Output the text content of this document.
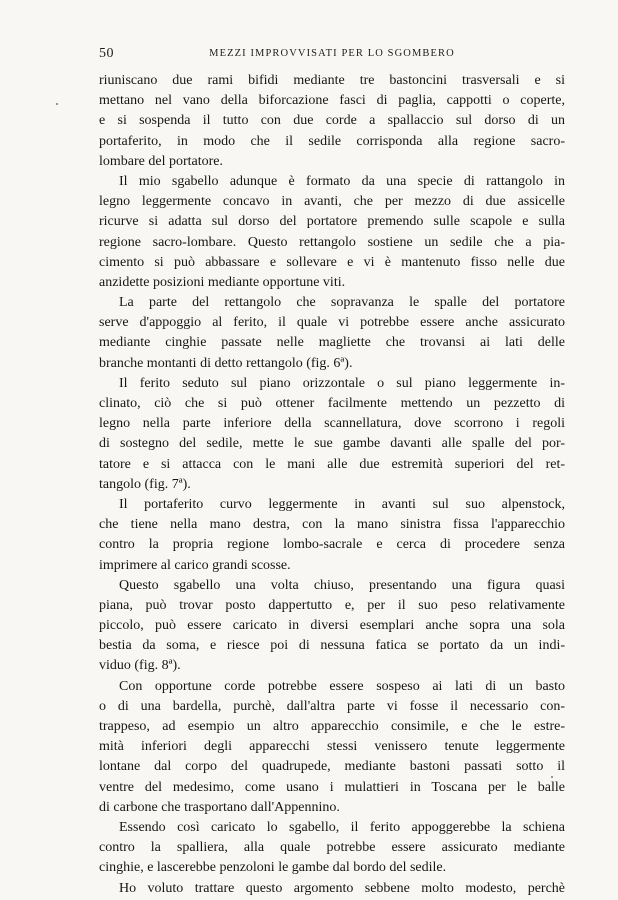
50	MEZZI IMPROVVISATI PER LO SGOMBERO
riuniscano due rami bifidi mediante tre bastoncini trasversali e si
mettano nel vano della biforcazione fasci di paglia, cappotti o coperte,
e si sospenda il tutto con due corde a spallaccio sul dorso di un
portaferito, in modo che il sedile corrisponda alla regione sacro-
lombare del portatore.
Il mio sgabello adunque è formato da una specie di rattangolo in
legno leggermente concavo in avanti, che per mezzo di due assicelle
ricurve si adatta sul dorso del portatore premendo sulle scapole e sulla
regione sacro-lombare. Questo rettangolo sostiene un sedile che a pia-
cimento si può abbassare e sollevare e vi è mantenuto fisso nelle due
anzidette posizioni mediante opportune viti.
La parte del rettangolo che sopravanza le spalle del portatore
serve d'appoggio al ferito, il quale vi potrebbe essere anche assicurato
mediante cinghie passate nelle magliette che trovansi ai lati delle
branche montanti di detto rettangolo (fig. 6ª).
Il ferito seduto sul piano orizzontale o sul piano leggermente in-
clinato, ciò che si può ottener facilmente mettendo un pezzetto di
legno nella parte inferiore della scannellatura, dove scorrono i regoli
di sostegno del sedile, mette le sue gambe davanti alle spalle del por-
tatore e si attacca con le mani alle due estremità superiori del ret-
tangolo (fig. 7ª).
Il portaferito curvo leggermente in avanti sul suo alpenstock,
che tiene nella mano destra, con la mano sinistra fissa l'apparecchio
contro la propria regione lombo-sacrale e cerca di procedere senza
imprimere al carico grandi scosse.
Questo sgabello una volta chiuso, presentando una figura quasi
piana, può trovar posto dappertutto e, per il suo peso relativamente
piccolo, può essere caricato in diversi esemplari anche sopra una sola
bestia da soma, e riesce poi di nessuna fatica se portato da un indi-
viduo (fig. 8ª).
Con opportune corde potrebbe essere sospeso ai lati di un basto
o di una bardella, purchè, dall'altra parte vi fosse il necessario con-
trappeso, ad esempio un altro apparecchio consimile, e che le estre-
mità inferiori degli apparecchi stessi venissero tenute leggermente
lontane dal corpo del quadrupede, mediante bastoni passati sotto il
ventre del medesimo, come usano i mulattieri in Toscana per le balle
di carbone che trasportano dall'Appennino.
Essendo così caricato lo sgabello, il ferito appoggerebbe la schiena
contro la spalliera, alla quale potrebbe essere assicurato mediante
cinghie, e lascerebbe penzoloni le gambe dal bordo del sedile.
Ho voluto trattare questo argomento sebbene molto modesto, perchè
